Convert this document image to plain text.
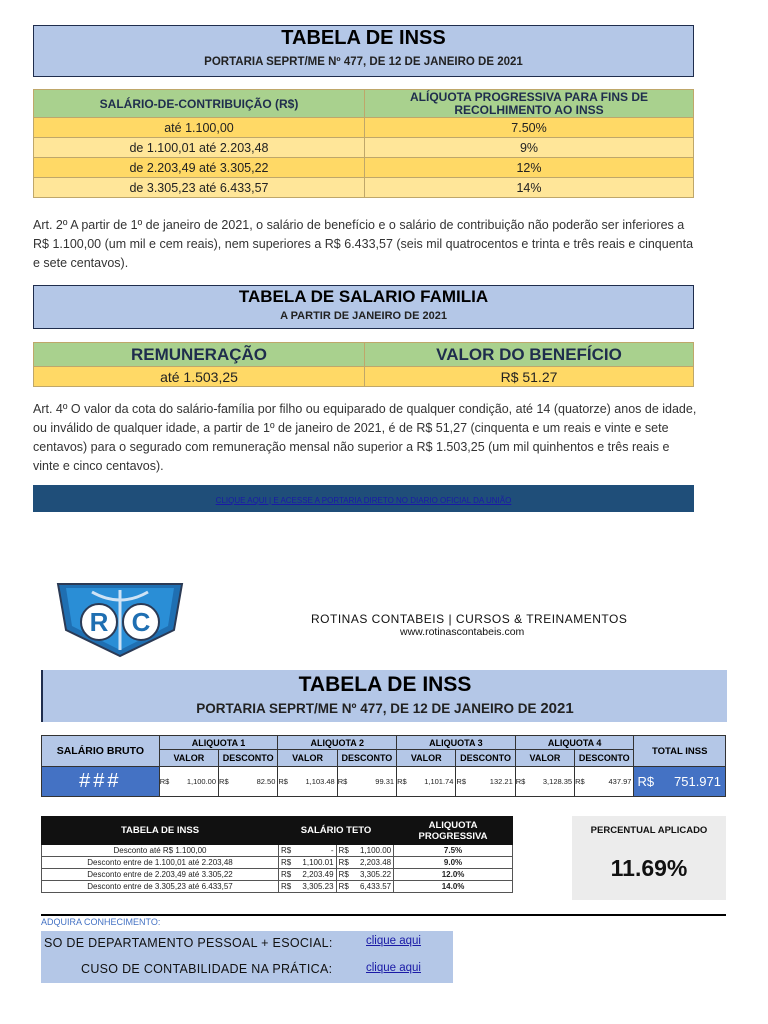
TABELA DE INSS
PORTARIA SEPRT/ME Nº 477, DE 12 DE JANEIRO DE 2021
SALÁRIO-DE-CONTRIBUIÇÃO (R$)	ALÍQUOTA PROGRESSIVA PARA FINS DE RECOLHIMENTO AO INSS
até 1.100,00	7.50%
de 1.100,01 até 2.203,48	9%
de 2.203,49 até 3.305,22	12%
de 3.305,23 até 6.433,57	14%
Art. 2º A partir de 1º de janeiro de 2021, o salário de benefício e o salário de contribuição não poderão ser inferiores a R$ 1.100,00 (um mil e cem reais), nem superiores a R$ 6.433,57 (seis mil quatrocentos e trinta e três reais e cinquenta e sete centavos).
TABELA DE SALARIO FAMILIA
A PARTIR DE JANEIRO DE 2021
REMUNERAÇÃO	VALOR DO BENEFÍCIO
até 1.503,25	R$ 51.27
Art. 4º O valor da cota do salário-família por filho ou equiparado de qualquer condição, até 14 (quatorze) anos de idade, ou inválido de qualquer idade, a partir de 1º de janeiro de 2021, é de R$ 51,27 (cinquenta e um reais e vinte e sete centavos) para o segurado com remuneração mensal não superior a R$ 1.503,25 (um mil quinhentos e três reais e vinte e cinco centavos).
CLIQUE AQUI | E ACESSE A PORTARIA DIRETO NO DIARIO OFICIAL DA UNIÃO
R C	ROTINAS CONTABEIS | CURSOS & TREINAMENTOS
www.rotinascontabeis.com
TABELA DE INSS
PORTARIA SEPRT/ME Nº 477, DE 12 DE JANEIRO DE 2021
SALÁRIO BRUTO	ALIQUOTA 1		ALIQUOTA 2		ALIQUOTA 3		ALIQUOTA 4		TOTAL INSS
	VALOR	DESCONTO	VALOR	DESCONTO	VALOR	DESCONTO	VALOR	DESCONTO	
###	R$ 1,100.00	R$ 82.50	R$ 1,103.48	R$ 99.31	R$ 1,101.74	R$ 132.21	R$ 3,128.35	R$ 437.97	R$ 751.971
TABELA DE INSS	SALÁRIO TETO		ALIQUOTA PROGRESSIVA
Desconto até R$ 1.100,00	R$ -	R$ 1,100.00	7.5%
Desconto entre de 1.100,01 até 2.203,48	R$ 1,100.01	R$ 2,203.48	9.0%
Desconto entre de 2.203,49 até 3.305,22	R$ 2,203.49	R$ 3,305.22	12.0%
Desconto entre de 3.305,23 até 6.433,57	R$ 3,305.23	R$ 6,433.57	14.0%
PERCENTUAL APLICADO
11.69%
ADQUIRA CONHECIMENTO:
SO DE DEPARTAMENTO PESSOAL + ESOCIAL:	clique aqui
CUSO DE CONTABILIDADE NA PRÁTICA:	clique aqui
